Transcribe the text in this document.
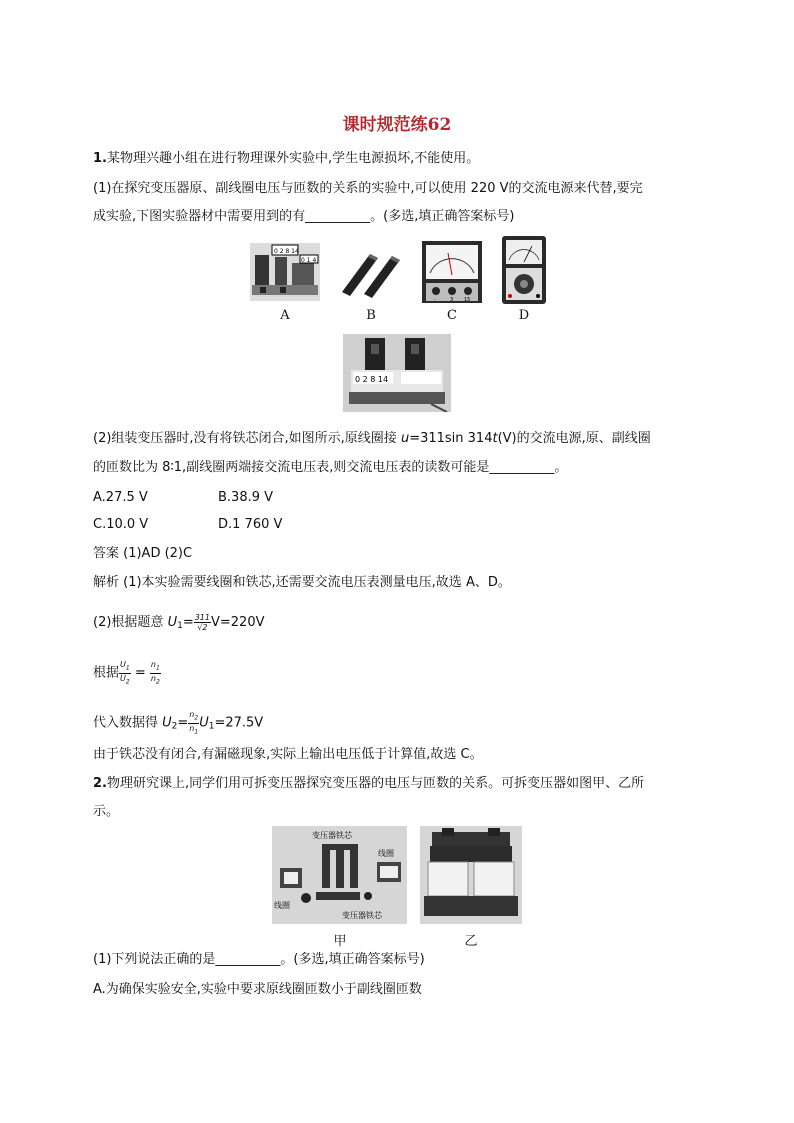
课时规范练62
1.某物理兴趣小组在进行物理课外实验中,学生电源损坏,不能使用。
(1)在探究变压器原、副线圈电压与匝数的关系的实验中,可以使用 220 V的交流电源来代替,要完
成实验,下图实验器材中需要用到的有__________。(多选,填正确答案标号)
0 2 8 14
0 1 4
-	3 15
A	B	C	D
0 2 8 14
(2)组装变压器时,没有将铁芯闭合,如图所示,原线圈接 u=311sin 314t(V)的交流电源,原、副线圈
的匝数比为 8∶1,副线圈两端接交流电压表,则交流电压表的读数可能是__________。
A.27.5 V	B.38.9 V
C.10.0 V	D.1 760 V
答案 (1)AD (2)C
解析 (1)本实验需要线圈和铁芯,还需要交流电压表测量电压,故选 A、D。
(2)根据题意 $U_1= \frac{311}{√2} V=220V$
根据 $\frac{U_1}{U_2} = \frac{n_1}{n_2}$
代入数据得 $U_2= \frac{n_2}{n_1} U_1=27.5V$
由于铁芯没有闭合,有漏磁现象,实际上输出电压低于计算值,故选 C。
2.物理研究课上,同学们用可拆变压器探究变压器的电压与匝数的关系。可拆变压器如图甲、乙所
示。
变压器铁芯
线圈
线圈
变压器铁芯
甲	乙
(1)下列说法正确的是__________。(多选,填正确答案标号)
A.为确保实验安全,实验中要求原线圈匝数小于副线圈匝数
